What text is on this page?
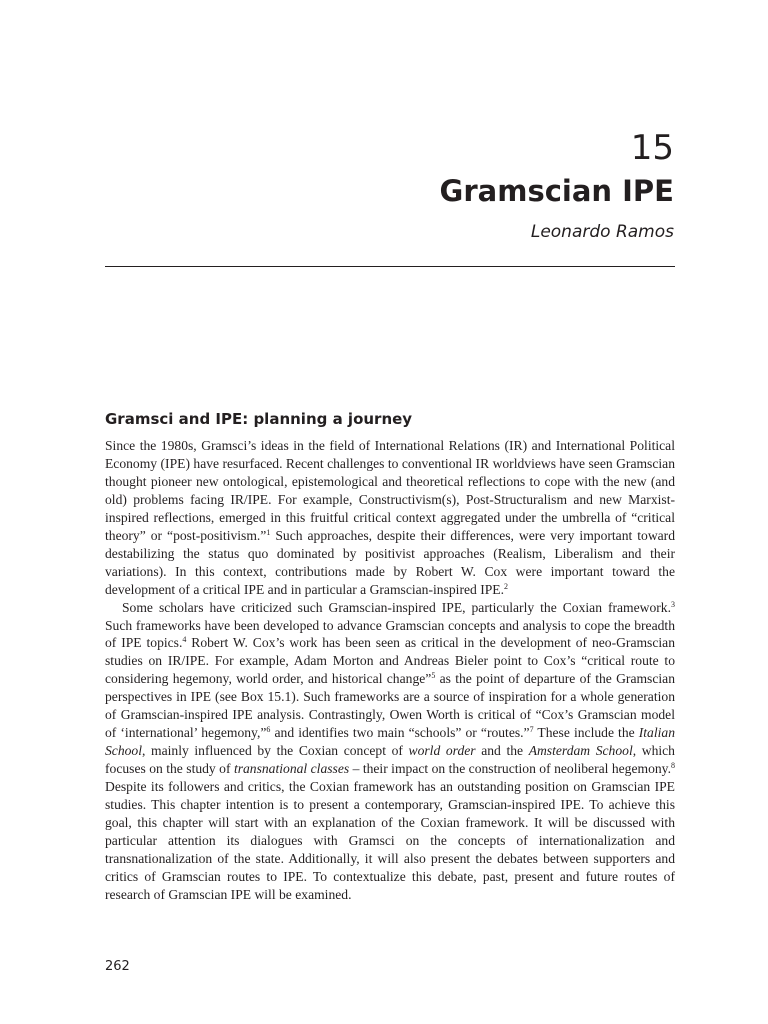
15
Gramscian IPE
Leonardo Ramos
Gramsci and IPE: planning a journey

Since the 1980s, Gramsci’s ideas in the field of International Relations (IR) and International Political Economy (IPE) have resurfaced. Recent challenges to conventional IR worldviews have seen Gramscian thought pioneer new ontological, epistemological and theoretical reflections to cope with the new (and old) problems facing IR/IPE. For example, Constructivism(s), Post-Structuralism and new Marxist-inspired reflections, emerged in this fruitful critical context aggregated under the umbrella of “critical theory” or “post-positivism.”$^1$ Such approaches, despite their differences, were very important toward destabilizing the status quo dominated by positivist approaches (Realism, Liberalism and their variations). In this context, contributions made by Robert W. Cox were important toward the development of a critical IPE and in particular a Gramscian-inspired IPE.$^2$

Some scholars have criticized such Gramscian-inspired IPE, particularly the Coxian framework.$^3$ Such frameworks have been developed to advance Gramscian concepts and analysis to cope the breadth of IPE topics.$^4$ Robert W. Cox’s work has been seen as critical in the development of neo-Gramscian studies on IR/IPE. For example, Adam Morton and Andreas Bieler point to Cox’s “critical route to considering hegemony, world order, and historical change”$^5$ as the point of departure of the Gramscian perspectives in IPE (see Box 15.1). Such frameworks are a source of inspiration for a whole generation of Gramscian-inspired IPE analysis. Contrastingly, Owen Worth is critical of “Cox’s Gramscian model of ‘international’ hegemony,”$^6$ and identifies two main “schools” or “routes.”$^7$ These include the Italian School, mainly influenced by the Coxian concept of world order and the Amsterdam School, which focuses on the study of transnational classes – their impact on the construction of neoliberal hegemony.$^8$ Despite its followers and critics, the Coxian framework has an outstanding position on Gramscian IPE studies. This chapter intention is to present a contemporary, Gramscian-inspired IPE. To achieve this goal, this chapter will start with an explanation of the Coxian framework. It will be discussed with particular attention its dialogues with Gramsci on the concepts of internationalization and transnationalization of the state. Additionally, it will also present the debates between supporters and critics of Gramscian routes to IPE. To contextualize this debate, past, present and future routes of research of Gramscian IPE will be examined.

262
